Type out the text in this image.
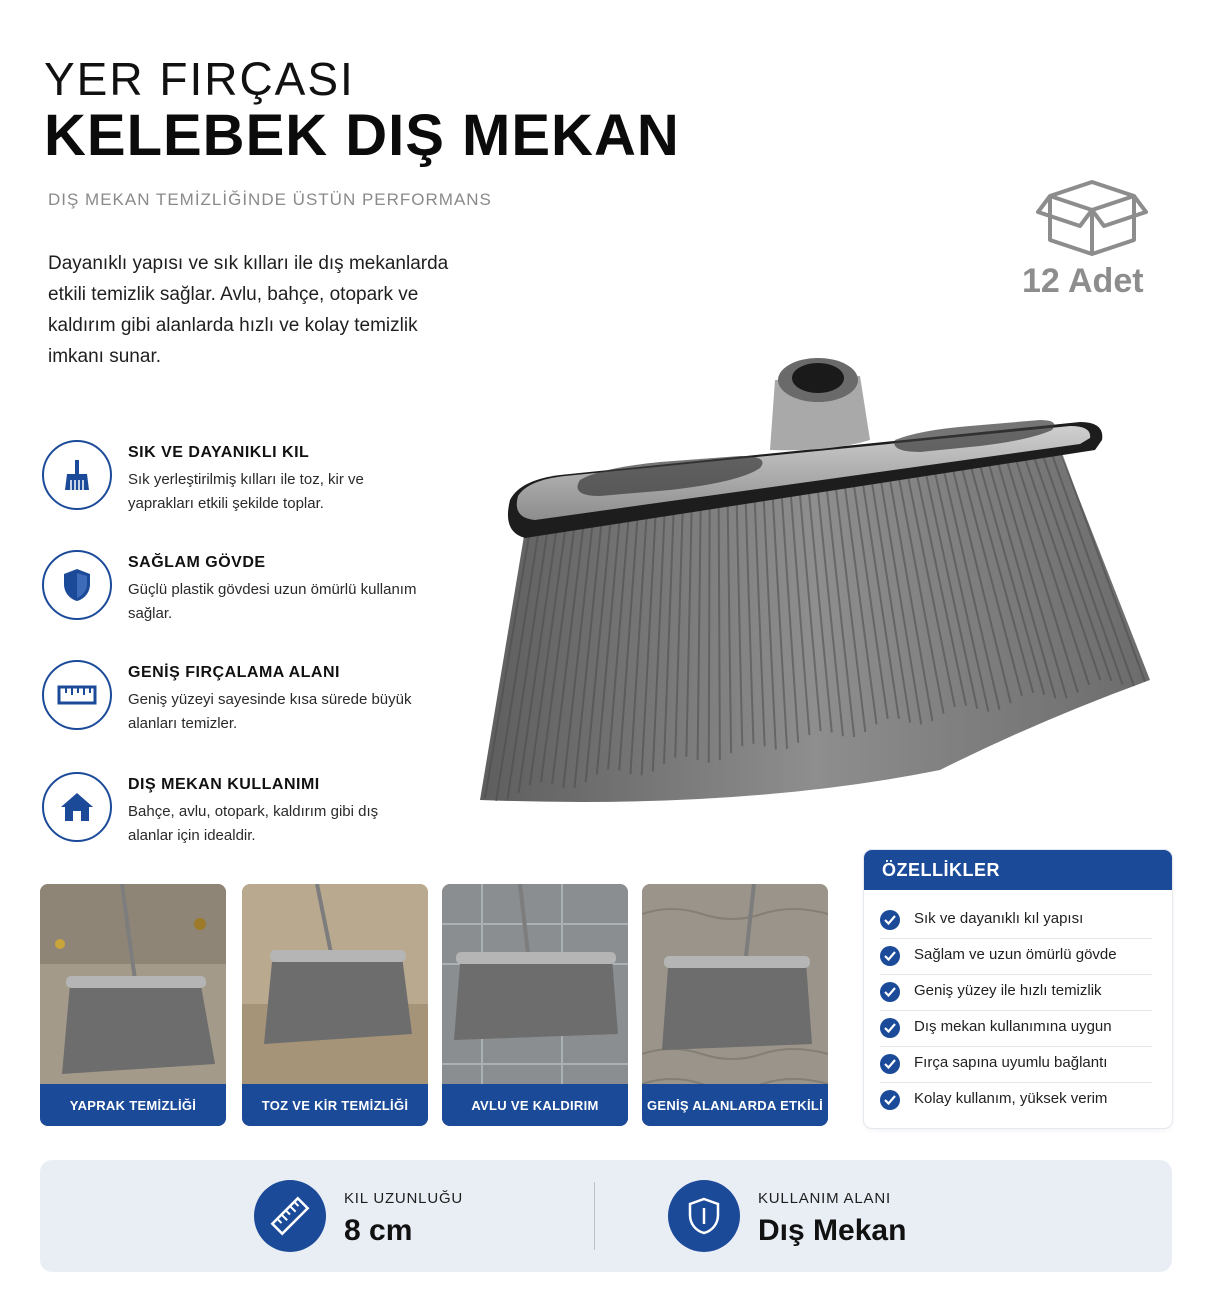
YER FIRÇASI
KELEBEK DIŞ MEKAN
DIŞ MEKAN TEMİZLİĞİNDE ÜSTÜN PERFORMANS
Dayanıklı yapısı ve sık kılları ile dış mekanlarda etkili temizlik sağlar. Avlu, bahçe, otopark ve kaldırım gibi alanlarda hızlı ve kolay temizlik imkanı sunar.
12 Adet
SIK VE DAYANIKLI KIL
Sık yerleştirilmiş kılları ile toz, kir ve yaprakları etkili şekilde toplar.
SAĞLAM GÖVDE
Güçlü plastik gövdesi uzun ömürlü kullanım sağlar.
GENİŞ FIRÇALAMA ALANI
Geniş yüzeyi sayesinde kısa sürede büyük alanları temizler.
DIŞ MEKAN KULLANIMI
Bahçe, avlu, otopark, kaldırım gibi dış alanlar için idealdir.
YAPRAK TEMİZLİĞİ	TOZ VE KİR TEMİZLİĞİ	AVLU VE KALDIRIM	GENİŞ ALANLARDA ETKİLİ
ÖZELLİKLER
Sık ve dayanıklı kıl yapısı
Sağlam ve uzun ömürlü gövde
Geniş yüzey ile hızlı temizlik
Dış mekan kullanımına uygun
Fırça sapına uyumlu bağlantı
Kolay kullanım, yüksek verim
KIL UZUNLUĞU
8 cm
KULLANIM ALANI
Dış Mekan
